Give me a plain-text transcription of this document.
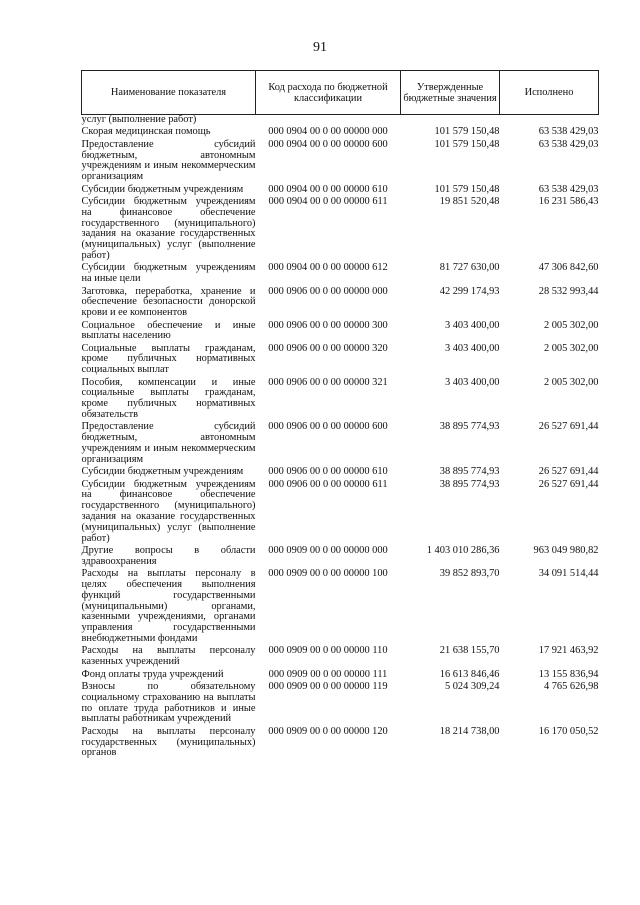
91
Наименование показателя	Код расхода по бюджетной классификации	Утвержденные бюджетные значения	Исполнено
услуг (выполнение работ)			
Скорая медицинская помощь	000 0904 00 0 00 00000 000	101 579 150,48	63 538 429,03
Предоставление субсидий бюджетным, автономным учреждениям и иным некоммерческим организациям	000 0904 00 0 00 00000 600	101 579 150,48	63 538 429,03
Субсидии бюджетным учреждениям	000 0904 00 0 00 00000 610	101 579 150,48	63 538 429,03
Субсидии бюджетным учреждениям на финансовое обеспечение государственного (муниципального) задания на оказание государственных (муниципальных) услуг (выполнение работ)	000 0904 00 0 00 00000 611	19 851 520,48	16 231 586,43
Субсидии бюджетным учреждениям на иные цели	000 0904 00 0 00 00000 612	81 727 630,00	47 306 842,60
Заготовка, переработка, хранение и обеспечение безопасности донорской крови и ее компонентов	000 0906 00 0 00 00000 000	42 299 174,93	28 532 993,44
Социальное обеспечение и иные выплаты населению	000 0906 00 0 00 00000 300	3 403 400,00	2 005 302,00
Социальные выплаты гражданам, кроме публичных нормативных социальных выплат	000 0906 00 0 00 00000 320	3 403 400,00	2 005 302,00
Пособия, компенсации и иные социальные выплаты гражданам, кроме публичных нормативных обязательств	000 0906 00 0 00 00000 321	3 403 400,00	2 005 302,00
Предоставление субсидий бюджетным, автономным учреждениям и иным некоммерческим организациям	000 0906 00 0 00 00000 600	38 895 774,93	26 527 691,44
Субсидии бюджетным учреждениям	000 0906 00 0 00 00000 610	38 895 774,93	26 527 691,44
Субсидии бюджетным учреждениям на финансовое обеспечение государственного (муниципального) задания на оказание государственных (муниципальных) услуг (выполнение работ)	000 0906 00 0 00 00000 611	38 895 774,93	26 527 691,44
Другие вопросы в области здравоохранения	000 0909 00 0 00 00000 000	1 403 010 286,36	963 049 980,82
Расходы на выплаты персоналу в целях обеспечения выполнения функций государственными (муниципальными) органами, казенными учреждениями, органами управления государственными внебюджетными фондами	000 0909 00 0 00 00000 100	39 852 893,70	34 091 514,44
Расходы на выплаты персоналу казенных учреждений	000 0909 00 0 00 00000 110	21 638 155,70	17 921 463,92
Фонд оплаты труда учреждений	000 0909 00 0 00 00000 111	16 613 846,46	13 155 836,94
Взносы по обязательному социальному страхованию на выплаты по оплате труда работников и иные выплаты работникам учреждений	000 0909 00 0 00 00000 119	5 024 309,24	4 765 626,98
Расходы на выплаты персоналу государственных (муниципальных) органов	000 0909 00 0 00 00000 120	18 214 738,00	16 170 050,52
